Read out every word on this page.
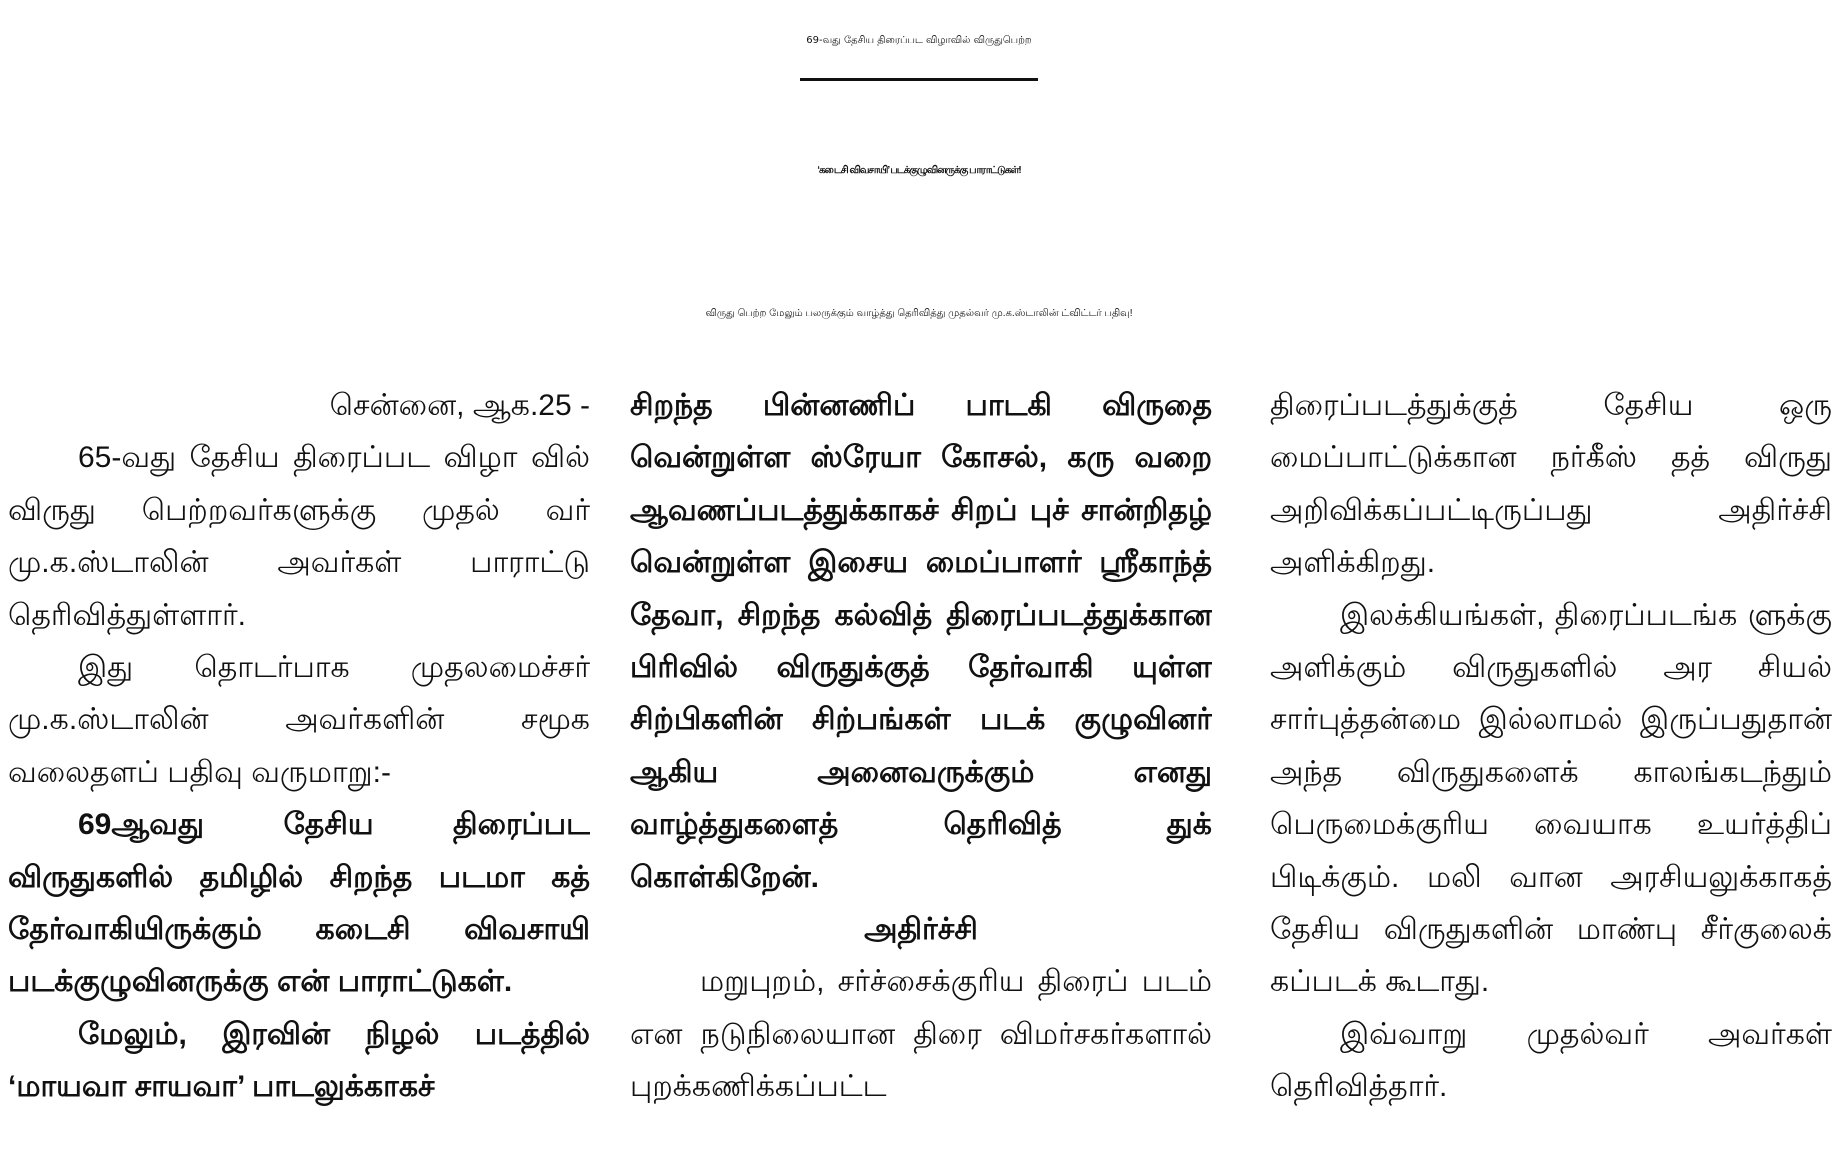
69-வது தேசிய திரைப்பட விழாவில் விருதுபெற்ற
‘கடைசி விவசாயி’ படக்குழுவினருக்கு பாராட்டுகள்!
விருது பெற்ற மேலும் பலருக்கும் வாழ்த்து தெரிவித்து முதல்வர் மு.க.ஸ்டாலின் ட்விட்டர் பதிவு!

சென்னை, ஆக.25 -

65-வது தேசிய திரைப்பட விழா வில் விருது பெற்றவர்களுக்கு முதல் வர் மு.க.ஸ்டாலின் அவர்கள் பாராட்டு தெரிவித்துள்ளார்.

இது தொடர்பாக முதலமைச்சர் மு.க.ஸ்டாலின் அவர்களின் சமூக வலைதளப் பதிவு வருமாறு:-

69ஆவது தேசிய திரைப்பட விருதுகளில் தமிழில் சிறந்த படமா கத் தேர்வாகியிருக்கும் கடைசி விவசாயி படக்குழுவினருக்கு என் பாராட்டுகள்.

மேலும், இரவின் நிழல் படத்தில் ‘மாயவா சாயவா’ பாடலுக்காகச்

சிறந்த பின்னணிப் பாடகி விருதை வென்றுள்ள ஸ்ரேயா கோசல், கரு வறை ஆவணப்படத்துக்காகச் சிறப் புச் சான்றிதழ் வென்றுள்ள இசைய மைப்பாளர் ஸ்ரீகாந்த் தேவா, சிறந்த கல்வித் திரைப்படத்துக்கான பிரிவில் விருதுக்குத் தேர்வாகி யுள்ள சிற்பிகளின் சிற்பங்கள் படக் குழுவினர் ஆகிய அனைவருக்கும் எனது வாழ்த்துகளைத் தெரிவித் துக் கொள்கிறேன்.

அதிர்ச்சி

மறுபுறம், சர்ச்சைக்குரிய திரைப் படம் என நடுநிலையான திரை விமர்சகர்களால் புறக்கணிக்கப்பட்ட

திரைப்படத்துக்குத் தேசிய ஒரு மைப்பாட்டுக்கான நர்கீஸ் தத் விருது அறிவிக்கப்பட்டிருப்பது அதிர்ச்சி அளிக்கிறது.

இலக்கியங்கள், திரைப்படங்க ளுக்கு அளிக்கும் விருதுகளில் அர சியல் சார்புத்தன்மை இல்லாமல் இருப்பதுதான் அந்த விருதுகளைக் காலங்கடந்தும் பெருமைக்குரிய வையாக உயர்த்திப் பிடிக்கும். மலி வான அரசியலுக்காகத் தேசிய விருதுகளின் மாண்பு சீர்குலைக் கப்படக் கூடாது.

இவ்வாறு முதல்வர் அவர்கள் தெரிவித்தார்.
